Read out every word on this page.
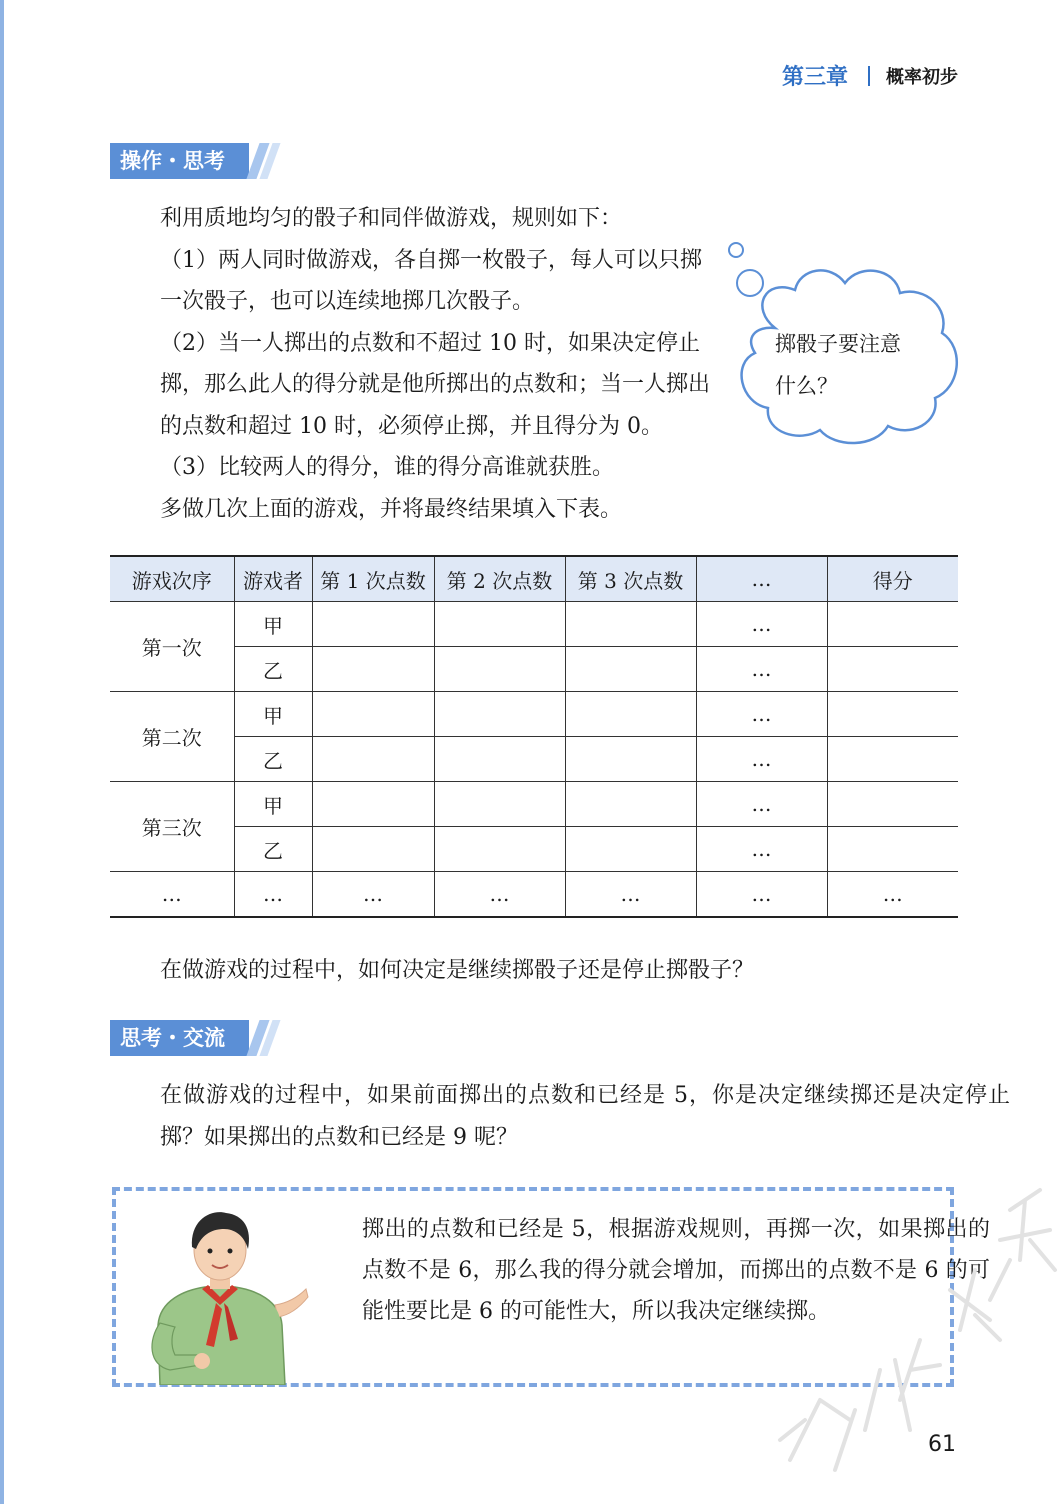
第三章 概率初步
操作・思考

利用质地均匀的骰子和同伴做游戏，规则如下：

（1）两人同时做游戏，各自掷一枚骰子，每人可以只掷一次骰子，也可以连续地掷几次骰子。

（2）当一人掷出的点数和不超过 10 时，如果决定停止掷，那么此人的得分就是他所掷出的点数和；当一人掷出的点数和超过 10 时，必须停止掷，并且得分为 0。

（3）比较两人的得分，谁的得分高谁就获胜。

多做几次上面的游戏，并将最终结果填入下表。

掷骰子要注意
什么？
游戏次序	游戏者	第 1 次点数	第 2 次点数	第 3 次点数	…	得分
第一次	甲				…	
	乙				…	
第二次	甲				…	
	乙				…	
第三次	甲				…	
	乙				…	
…	…	…	…	…	…	…

在做游戏的过程中，如何决定是继续掷骰子还是停止掷骰子？

思考・交流

在做游戏的过程中，如果前面掷出的点数和已经是 5，你是决定继续掷还是决定停止掷？如果掷出的点数和已经是 9 呢？

掷出的点数和已经是 5，根据游戏规则，再掷一次，如果掷出的点数不是 6，那么我的得分就会增加，而掷出的点数不是 6 的可能性要比是 6 的可能性大，所以我决定继续掷。

61
